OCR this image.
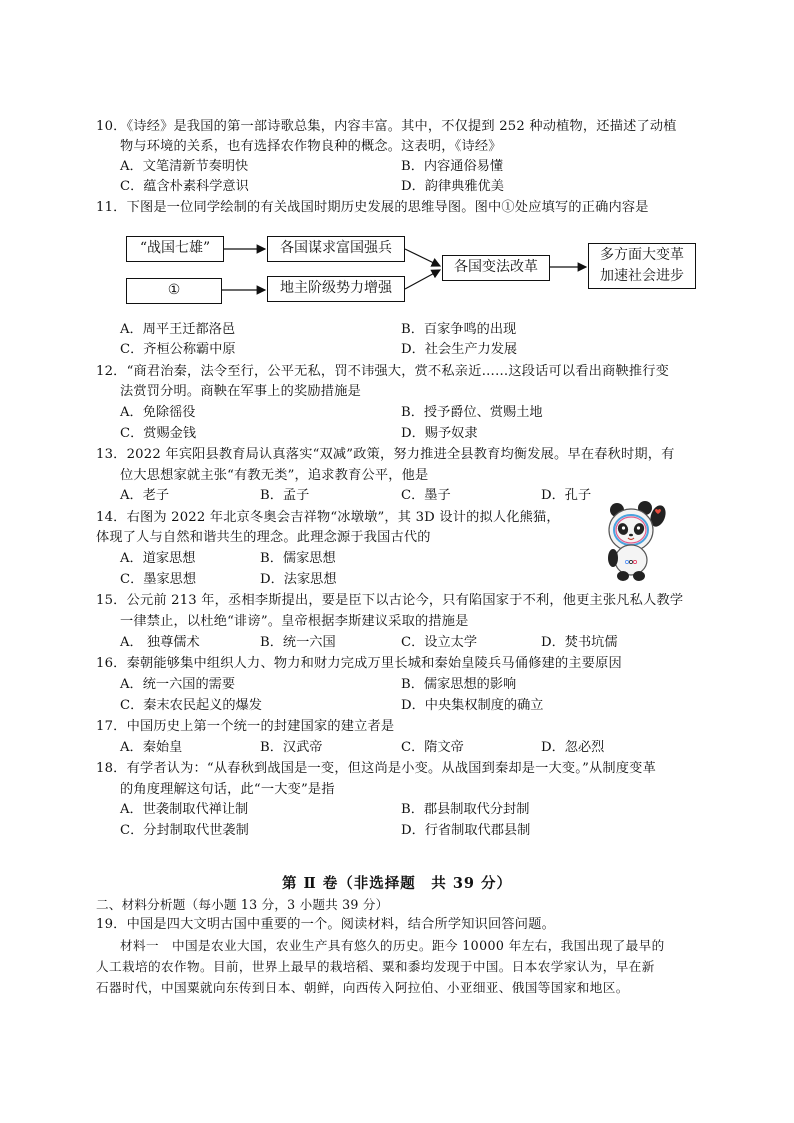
10．《诗经》是我国的第一部诗歌总集，内容丰富。其中，不仅提到 252 种动植物，还描述了动植
物与环境的关系，也有选择农作物良种的概念。这表明，《诗经》
A．文笔清新节奏明快	B．内容通俗易懂
C．蕴含朴素科学意识	D．韵律典雅优美
11．下图是一位同学绘制的有关战国时期历史发展的思维导图。图中①处应填写的正确内容是
“战国七雄”	各国谋求富国强兵
①	地主阶级势力增强
各国变法改革
多方面大变革
加速社会进步
A．周平王迁都洛邑	B．百家争鸣的出现
C．齐桓公称霸中原	D．社会生产力发展
12．“商君治秦，法令至行，公平无私，罚不讳强大，赏不私亲近……这段话可以看出商鞅推行变
法赏罚分明。商鞅在军事上的奖励措施是
A．免除徭役	B．授予爵位、赏赐土地
C．赏赐金钱	D．赐予奴隶
13．2022 年宾阳县教育局认真落实“双减”政策，努力推进全县教育均衡发展。早在春秋时期，有
位大思想家就主张“有教无类”，追求教育公平，他是
A．老子	B．孟子	C．墨子	D．孔子
14．右图为 2022 年北京冬奥会吉祥物“冰墩墩”，其 3D 设计的拟人化熊猫，
体现了人与自然和谐共生的理念。此理念源于我国古代的
A．道家思想	B．儒家思想
C．墨家思想	D．法家思想
15．公元前 213 年，丞相李斯提出，要是臣下以古论今，只有陷国家于不利，他更主张凡私人教学
一律禁止，以杜绝“诽谤”。皇帝根据李斯建议采取的措施是
A． 独尊儒术	B．统一六国	C．设立太学	D．焚书坑儒
16．秦朝能够集中组织人力、物力和财力完成万里长城和秦始皇陵兵马俑修建的主要原因
A．统一六国的需要	B．儒家思想的影响
C．秦末农民起义的爆发	D．中央集权制度的确立
17．中国历史上第一个统一的封建国家的建立者是
A．秦始皇	B．汉武帝	C．隋文帝	D．忽必烈
18．有学者认为：“从春秋到战国是一变，但这尚是小变。从战国到秦却是一大变。”从制度变革
的角度理解这句话，此“一大变”是指
A．世袭制取代禅让制	B．郡县制取代分封制
C．分封制取代世袭制	D．行省制取代郡县制
第 Ⅱ 卷（非选择题　共 39 分）
二、材料分析题（每小题 13 分，3 小题共 39 分）
19．中国是四大文明古国中重要的一个。阅读材料，结合所学知识回答问题。
材料一　中国是农业大国，农业生产具有悠久的历史。距今 10000 年左右，我国出现了最早的
人工栽培的农作物。目前，世界上最早的栽培稻、粟和黍均发现于中国。日本农学家认为，早在新
石器时代，中国粟就向东传到日本、朝鲜，向西传入阿拉伯、小亚细亚、俄国等国家和地区。
